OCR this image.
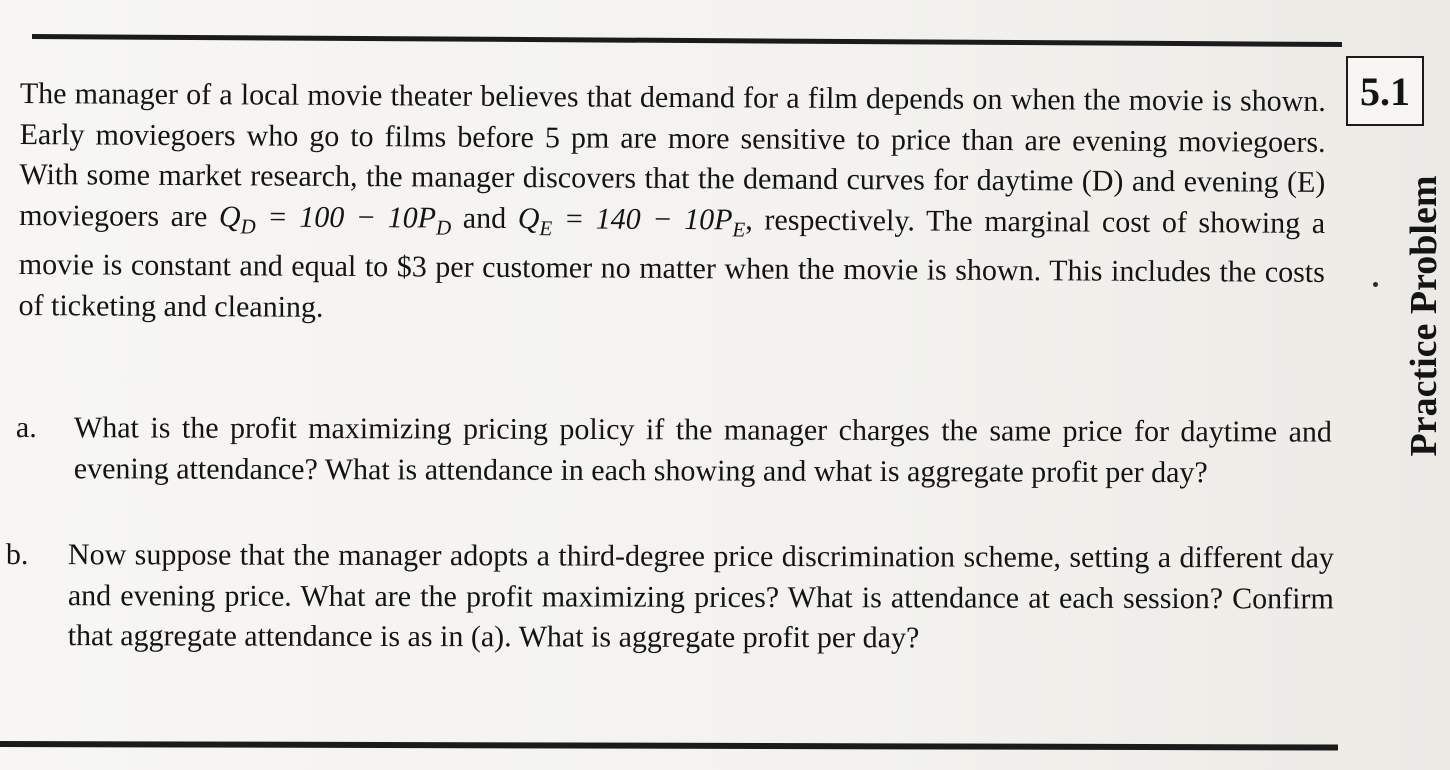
5.1
Practice Problem
The manager of a local movie theater believes that demand for a film depends on when the movie is shown. Early moviegoers who go to films before 5 pm are more sensitive to price than are evening moviegoers. With some market research, the manager discovers that the demand curves for daytime (D) and evening (E) moviegoers are $Q_D = 100 - 10P_D$ and $Q_E = 140 - 10P_E$, respectively. The marginal cost of showing a movie is constant and equal to $3 per customer no matter when the movie is shown. This includes the costs of ticketing and cleaning.
a.	What is the profit maximizing pricing policy if the manager charges the same price for daytime and evening attendance? What is attendance in each showing and what is aggregate profit per day?
b.	Now suppose that the manager adopts a third-degree price discrimination scheme, setting a different day and evening price. What are the profit maximizing prices? What is attendance at each session? Confirm that aggregate attendance is as in (a). What is aggregate profit per day?
